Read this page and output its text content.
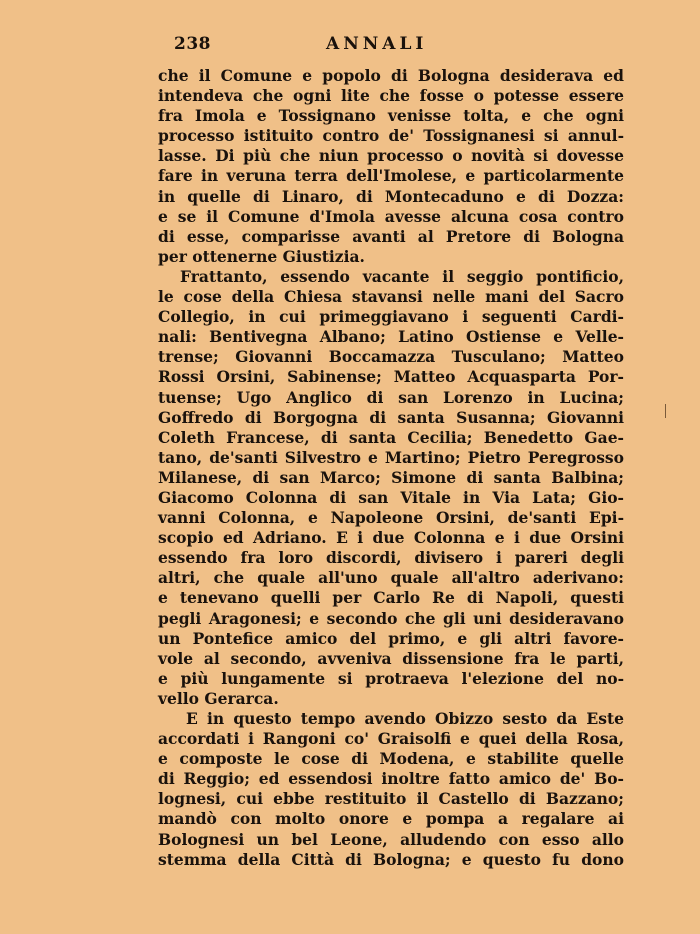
238	ANNALI
che il Comune e popolo di Bologna desiderava ed
intendeva che ogni lite che fosse o potesse essere
fra Imola e Tossignano venisse tolta, e che ogni
processo istituito contro de' Tossignanesi si annul-
lasse. Di più che niun processo o novità si dovesse
fare in veruna terra dell'Imolese, e particolarmente
in quelle di Linaro, di Montecaduno e di Dozza:
e se il Comune d'Imola avesse alcuna cosa contro
di esse, comparisse avanti al Pretore di Bologna
per ottenerne Giustizia.
Frattanto, essendo vacante il seggio pontificio,
le cose della Chiesa stavansi nelle mani del Sacro
Collegio, in cui primeggiavano i seguenti Cardi-
nali: Bentivegna Albano; Latino Ostiense e Velle-
trense; Giovanni Boccamazza Tusculano; Matteo
Rossi Orsini, Sabinense; Matteo Acquasparta Por-
tuense; Ugo Anglico di san Lorenzo in Lucina;
Goffredo di Borgogna di santa Susanna; Giovanni
Coleth Francese, di santa Cecilia; Benedetto Gae-
tano, de'santi Silvestro e Martino; Pietro Peregrosso
Milanese, di san Marco; Simone di santa Balbina;
Giacomo Colonna di san Vitale in Via Lata; Gio-
vanni Colonna, e Napoleone Orsini, de'santi Epi-
scopio ed Adriano. E i due Colonna e i due Orsini
essendo fra loro discordi, divisero i pareri degli
altri, che quale all'uno quale all'altro aderivano:
e tenevano quelli per Carlo Re di Napoli, questi
pegli Aragonesi; e secondo che gli uni desideravano
un Pontefice amico del primo, e gli altri favore-
vole al secondo, avveniva dissensione fra le parti,
e più lungamente si protraeva l'elezione del no-
vello Gerarca.
E in questo tempo avendo Obizzo sesto da Este
accordati i Rangoni co' Graisolfi e quei della Rosa,
e composte le cose di Modena, e stabilite quelle
di Reggio; ed essendosi inoltre fatto amico de' Bo-
lognesi, cui ebbe restituito il Castello di Bazzano;
mandò con molto onore e pompa a regalare ai
Bolognesi un bel Leone, alludendo con esso allo
stemma della Città di Bologna; e questo fu dono
